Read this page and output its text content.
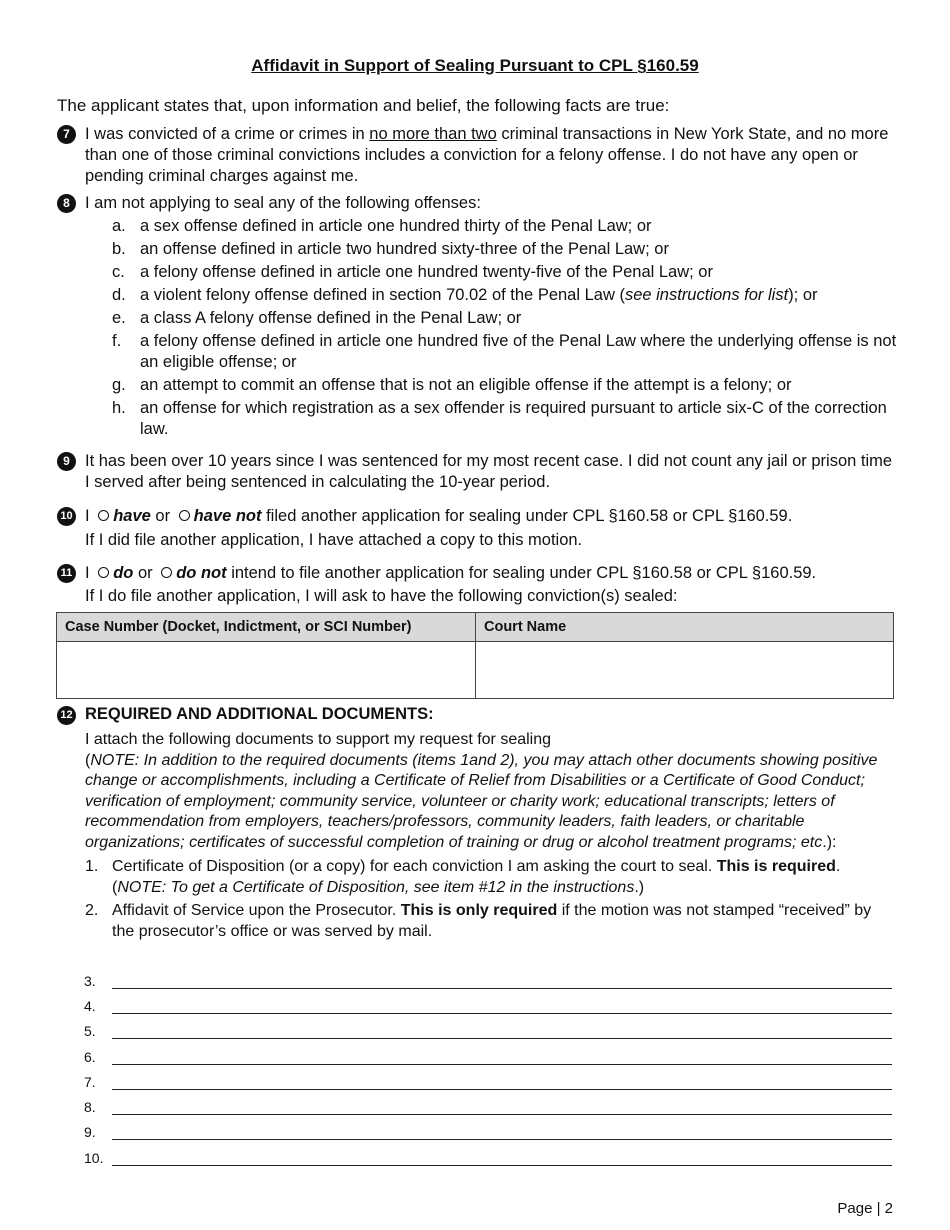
Affidavit in Support of Sealing Pursuant to CPL §160.59
The applicant states that, upon information and belief, the following facts are true:
7 I was convicted of a crime or crimes in no more than two criminal transactions in New York State, and no more than one of those criminal convictions includes a conviction for a felony offense. I do not have any open or pending criminal charges against me.
8 I am not applying to seal any of the following offenses:
a. a sex offense defined in article one hundred thirty of the Penal Law; or
b. an offense defined in article two hundred sixty-three of the Penal Law; or
c. a felony offense defined in article one hundred twenty-five of the Penal Law; or
d. a violent felony offense defined in section 70.02 of the Penal Law (see instructions for list); or
e. a class A felony offense defined in the Penal Law; or
f. a felony offense defined in article one hundred five of the Penal Law where the underlying offense is not an eligible offense; or
g. an attempt to commit an offense that is not an eligible offense if the attempt is a felony; or
h. an offense for which registration as a sex offender is required pursuant to article six-C of the correction law.
9 It has been over 10 years since I was sentenced for my most recent case. I did not count any jail or prison time I served after being sentenced in calculating the 10-year period.
10 I have or have not filed another application for sealing under CPL §160.58 or CPL §160.59.
If I did file another application, I have attached a copy to this motion.
11 I do or do not intend to file another application for sealing under CPL §160.58 or CPL §160.59.
If I do file another application, I will ask to have the following conviction(s) sealed:
Case Number (Docket, Indictment, or SCI Number)	Court Name

12 REQUIRED AND ADDITIONAL DOCUMENTS:
I attach the following documents to support my request for sealing
(NOTE: In addition to the required documents (items 1and 2), you may attach other documents showing positive change or accomplishments, including a Certificate of Relief from Disabilities or a Certificate of Good Conduct; verification of employment; community service, volunteer or charity work; educational transcripts; letters of recommendation from employers, teachers/professors, community leaders, faith leaders, or charitable organizations; certificates of successful completion of training or drug or alcohol treatment programs; etc.):
1. Certificate of Disposition (or a copy) for each conviction I am asking the court to seal. This is required.
(NOTE: To get a Certificate of Disposition, see item #12 in the instructions.)
2. Affidavit of Service upon the Prosecutor. This is only required if the motion was not stamped “received” by the prosecutor’s office or was served by mail.
3.
4.
5.
6.
7.
8.
9.
10.
Page | 2
